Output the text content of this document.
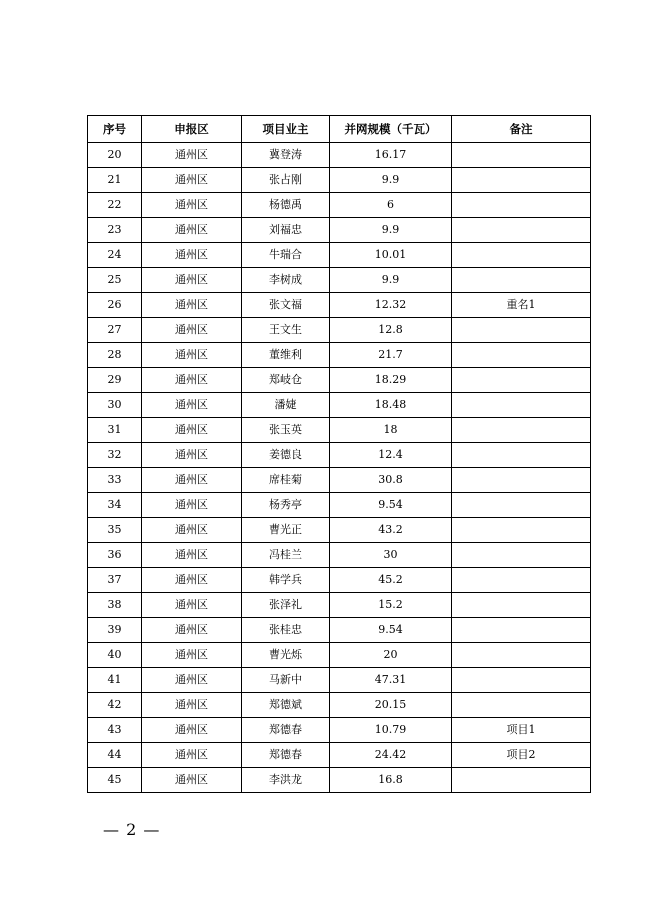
序号	申报区	项目业主	并网规模（千瓦）	备注
20	通州区	冀登涛	16.17	
21	通州区	张占刚	9.9	
22	通州区	杨德禹	6	
23	通州区	刘福忠	9.9	
24	通州区	牛瑞合	10.01	
25	通州区	李树成	9.9	
26	通州区	张文福	12.32	重名1
27	通州区	王文生	12.8	
28	通州区	董维利	21.7	
29	通州区	郑岐仓	18.29	
30	通州区	潘婕	18.48	
31	通州区	张玉英	18	
32	通州区	姜德良	12.4	
33	通州区	席桂菊	30.8	
34	通州区	杨秀亭	9.54	
35	通州区	曹光正	43.2	
36	通州区	冯桂兰	30	
37	通州区	韩学兵	45.2	
38	通州区	张泽礼	15.2	
39	通州区	张桂忠	9.54	
40	通州区	曹光烁	20	
41	通州区	马新中	47.31	
42	通州区	郑德斌	20.15	
43	通州区	郑德春	10.79	项目1
44	通州区	郑德春	24.42	项目2
45	通州区	李洪龙	16.8	
— 2 —
